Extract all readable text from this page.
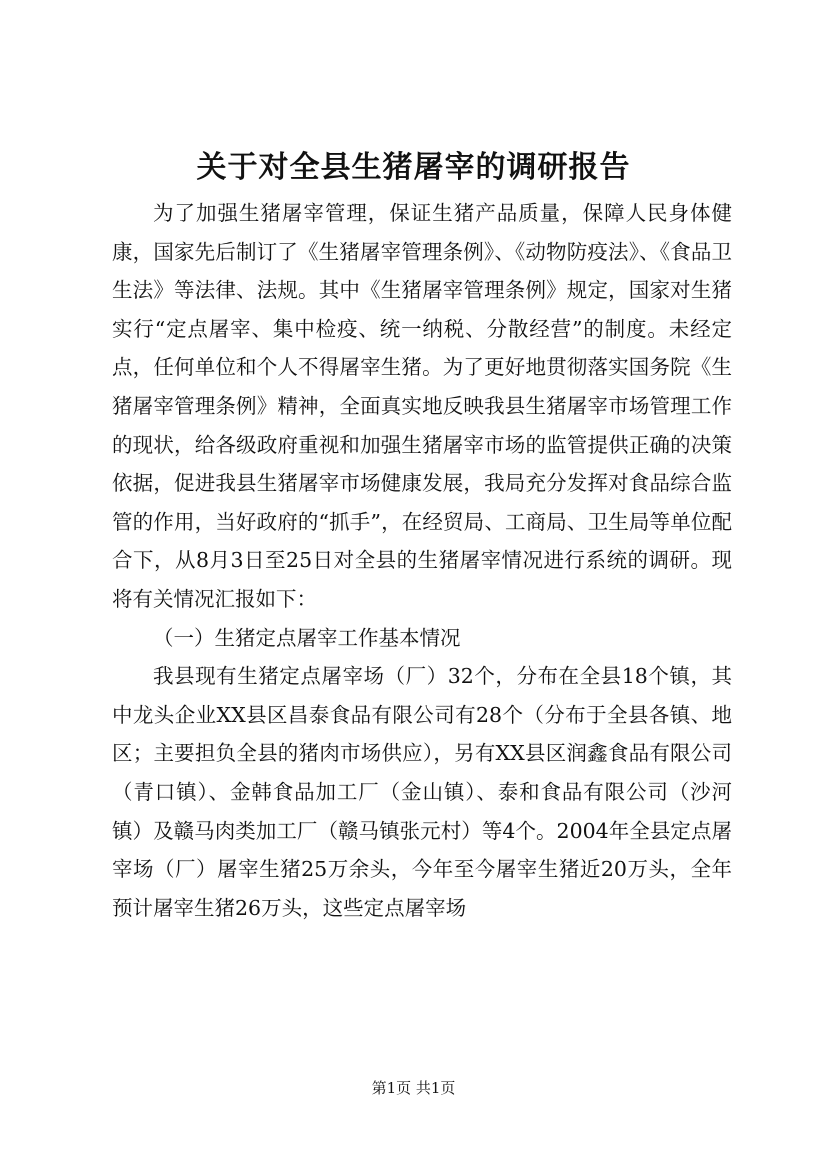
关于对全县生猪屠宰的调研报告

为了加强生猪屠宰管理，保证生猪产品质量，保障人民身体健康，国家先后制订了《生猪屠宰管理条例》、《动物防疫法》、《食品卫生法》等法律、法规。其中《生猪屠宰管理条例》规定，国家对生猪实行“定点屠宰、集中检疫、统一纳税、分散经营”的制度。未经定点，任何单位和个人不得屠宰生猪。为了更好地贯彻落实国务院《生猪屠宰管理条例》精神，全面真实地反映我县生猪屠宰市场管理工作的现状，给各级政府重视和加强生猪屠宰市场的监管提供正确的决策依据，促进我县生猪屠宰市场健康发展，我局充分发挥对食品综合监管的作用，当好政府的“抓手”，在经贸局、工商局、卫生局等单位配合下，从8月3日至25日对全县的生猪屠宰情况进行系统的调研。现将有关情况汇报如下：

（一）生猪定点屠宰工作基本情况

我县现有生猪定点屠宰场（厂）32个，分布在全县18个镇，其中龙头企业XX县区昌泰食品有限公司有28个（分布于全县各镇、地区；主要担负全县的猪肉市场供应），另有XX县区润鑫食品有限公司（青口镇）、金韩食品加工厂（金山镇）、泰和食品有限公司（沙河镇）及赣马肉类加工厂（赣马镇张元村）等4个。2004年全县定点屠宰场（厂）屠宰生猪25万余头，今年至今屠宰生猪近20万头，全年预计屠宰生猪26万头，这些定点屠宰场

第1页 共1页
